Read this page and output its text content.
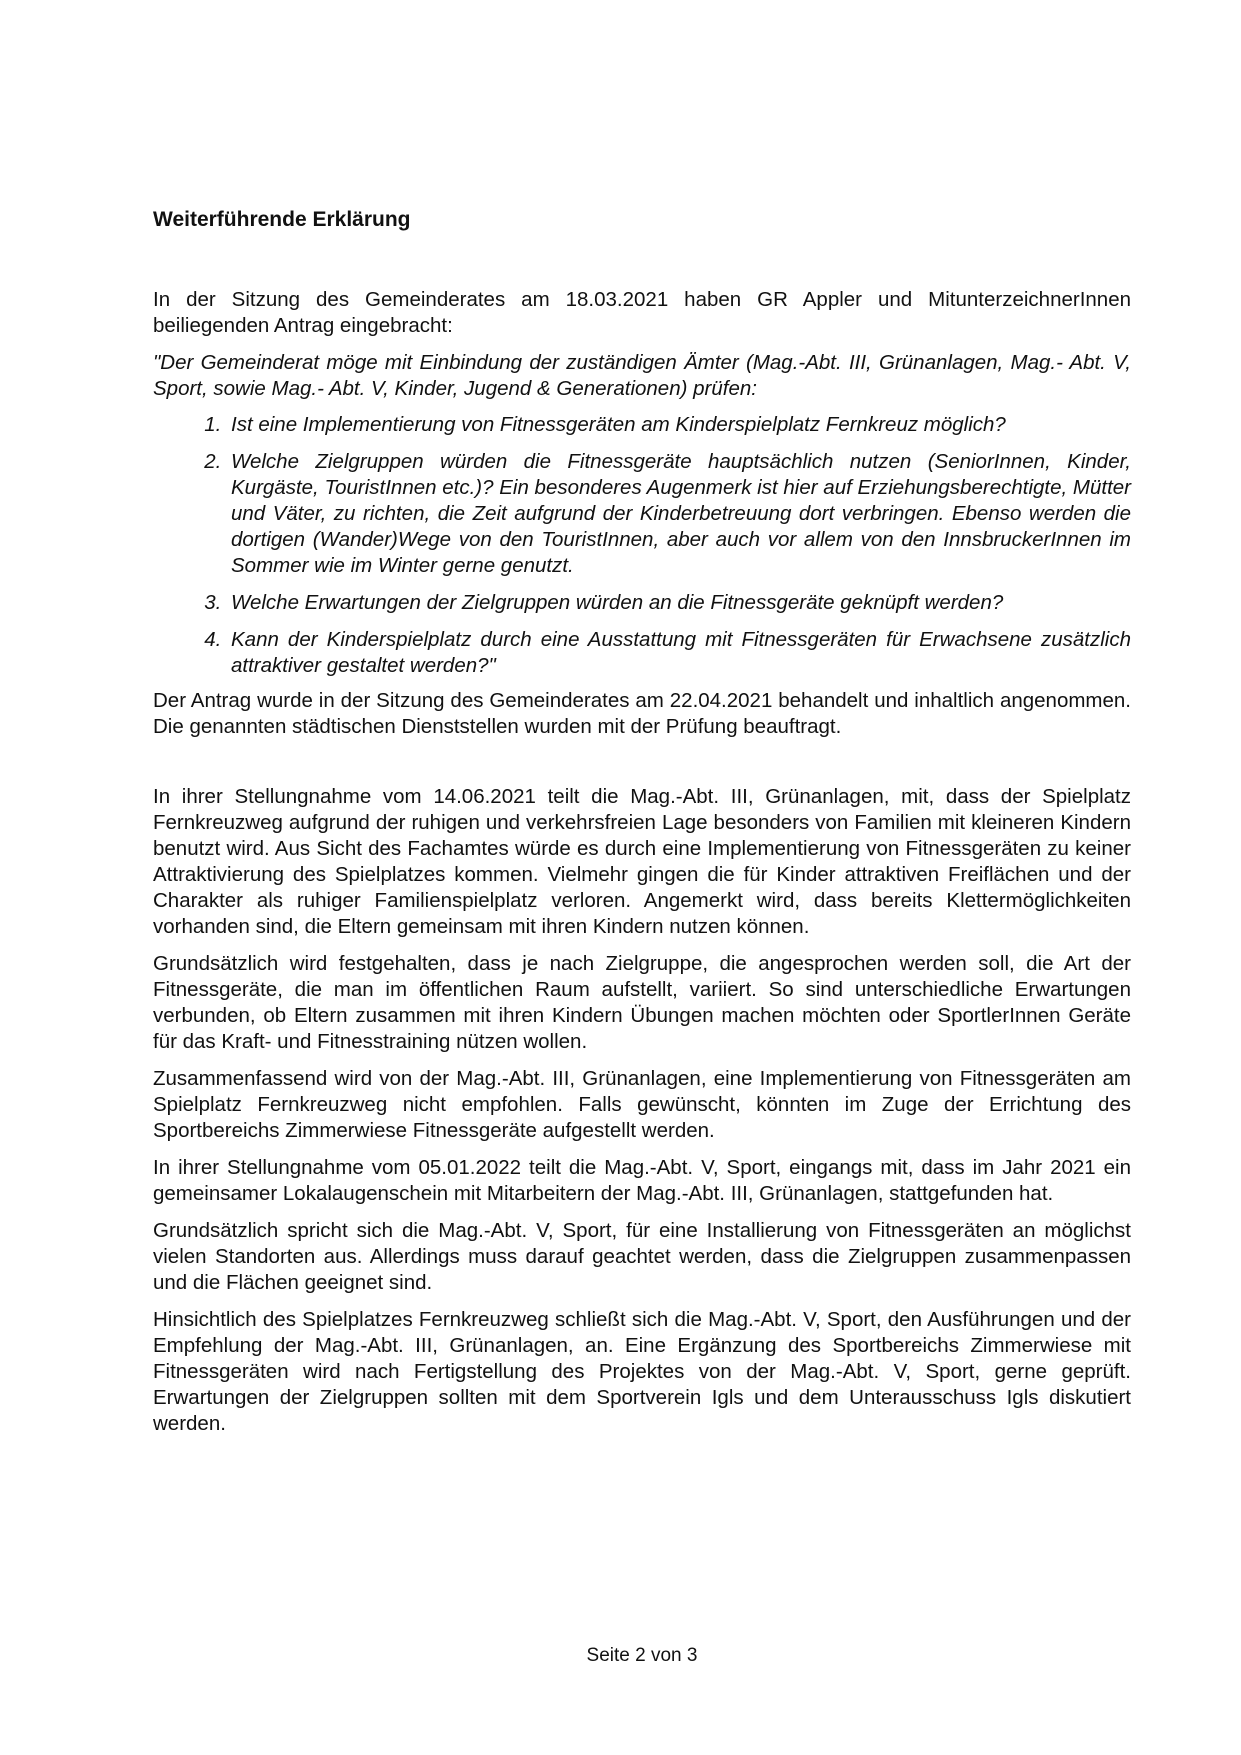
Weiterführende Erklärung

In der Sitzung des Gemeinderates am 18.03.2021 haben GR Appler und MitunterzeichnerInnen beiliegenden Antrag eingebracht:

"Der Gemeinderat möge mit Einbindung der zuständigen Ämter (Mag.-Abt. III, Grünanlagen, Mag.- Abt. V, Sport, sowie Mag.- Abt. V, Kinder, Jugend & Generationen) prüfen:

1. Ist eine Implementierung von Fitnessgeräten am Kinderspielplatz Fernkreuz möglich?
2. Welche Zielgruppen würden die Fitnessgeräte hauptsächlich nutzen (SeniorInnen, Kinder, Kurgäste, TouristInnen etc.)? Ein besonderes Augenmerk ist hier auf Erziehungsberechtigte, Mütter und Väter, zu richten, die Zeit aufgrund der Kinderbetreuung dort verbringen. Ebenso werden die dortigen (Wander)Wege von den TouristInnen, aber auch vor allem von den InnsbruckerInnen im Sommer wie im Winter gerne genutzt.
3. Welche Erwartungen der Zielgruppen würden an die Fitnessgeräte geknüpft werden?
4. Kann der Kinderspielplatz durch eine Ausstattung mit Fitnessgeräten für Erwachsene zusätzlich attraktiver gestaltet werden?"

Der Antrag wurde in der Sitzung des Gemeinderates am 22.04.2021 behandelt und inhaltlich angenommen. Die genannten städtischen Dienststellen wurden mit der Prüfung beauftragt.

In ihrer Stellungnahme vom 14.06.2021 teilt die Mag.-Abt. III, Grünanlagen, mit, dass der Spielplatz Fernkreuzweg aufgrund der ruhigen und verkehrsfreien Lage besonders von Familien mit kleineren Kindern benutzt wird. Aus Sicht des Fachamtes würde es durch eine Implementierung von Fitnessgeräten zu keiner Attraktivierung des Spielplatzes kommen. Vielmehr gingen die für Kinder attraktiven Freiflächen und der Charakter als ruhiger Familienspielplatz verloren. Angemerkt wird, dass bereits Klettermöglichkeiten vorhanden sind, die Eltern gemeinsam mit ihren Kindern nutzen können.

Grundsätzlich wird festgehalten, dass je nach Zielgruppe, die angesprochen werden soll, die Art der Fitnessgeräte, die man im öffentlichen Raum aufstellt, variiert. So sind unterschiedliche Erwartungen verbunden, ob Eltern zusammen mit ihren Kindern Übungen machen möchten oder SportlerInnen Geräte für das Kraft- und Fitnesstraining nützen wollen.

Zusammenfassend wird von der Mag.-Abt. III, Grünanlagen, eine Implementierung von Fitnessgeräten am Spielplatz Fernkreuzweg nicht empfohlen. Falls gewünscht, könnten im Zuge der Errichtung des Sportbereichs Zimmerwiese Fitnessgeräte aufgestellt werden.

In ihrer Stellungnahme vom 05.01.2022 teilt die Mag.-Abt. V, Sport, eingangs mit, dass im Jahr 2021 ein gemeinsamer Lokalaugenschein mit Mitarbeitern der Mag.-Abt. III, Grünanlagen, stattgefunden hat.

Grundsätzlich spricht sich die Mag.-Abt. V, Sport, für eine Installierung von Fitnessgeräten an möglichst vielen Standorten aus. Allerdings muss darauf geachtet werden, dass die Zielgruppen zusammenpassen und die Flächen geeignet sind.

Hinsichtlich des Spielplatzes Fernkreuzweg schließt sich die Mag.-Abt. V, Sport, den Ausführungen und der Empfehlung der Mag.-Abt. III, Grünanlagen, an. Eine Ergänzung des Sportbereichs Zimmerwiese mit Fitnessgeräten wird nach Fertigstellung des Projektes von der Mag.-Abt. V, Sport, gerne geprüft. Erwartungen der Zielgruppen sollten mit dem Sportverein Igls und dem Unterausschuss Igls diskutiert werden.

Seite 2 von 3
